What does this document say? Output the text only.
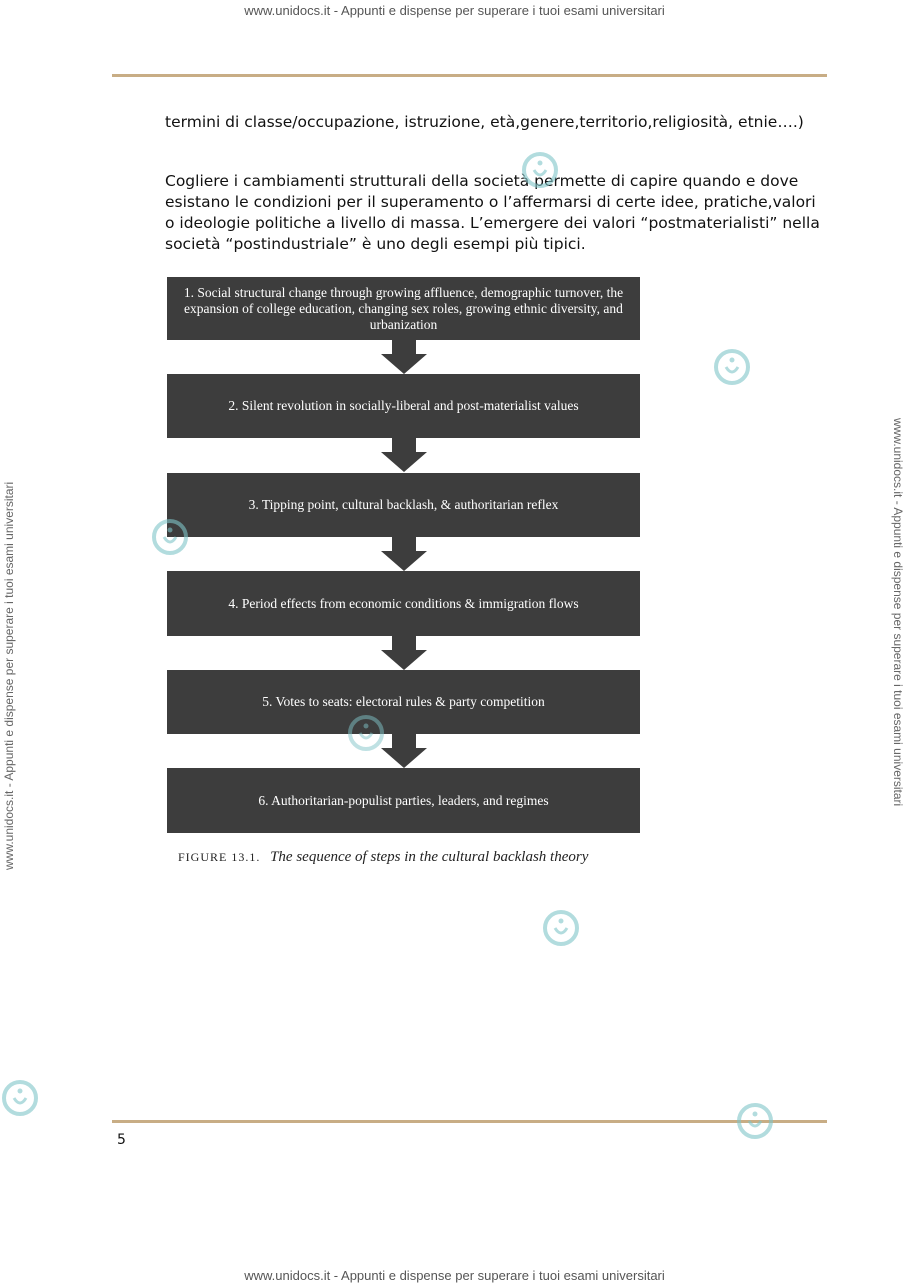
www.unidocs.it - Appunti e dispense per superare i tuoi esami universitari
www.unidocs.it - Appunti e dispense per superare i tuoi esami universitari
www.unidocs.it - Appunti e dispense per superare i tuoi esami universitari	www.unidocs.it - Appunti e dispense per superare i tuoi esami universitari

termini di classe/occupazione, istruzione, età,genere,territorio,religiosità, etnie….)

Cogliere i cambiamenti strutturali della società permette di capire quando e dove esistano le condizioni per il superamento o l’affermarsi di certe idee, pratiche,valori o ideologie politiche a livello di massa. L’emergere dei valori “postmaterialisti” nella società “postindustriale” è uno degli esempi più tipici.

1. Social structural change through growing affluence, demographic turnover, the expansion of college education, changing sex roles, growing ethnic diversity, and urbanization
2. Silent revolution in socially-liberal and post-materialist values
3. Tipping point, cultural backlash, & authoritarian reflex
4. Period effects from economic conditions & immigration flows
5. Votes to seats: electoral rules & party competition
6. Authoritarian-populist parties, leaders, and regimes
FIGURE 13.1. The sequence of steps in the cultural backlash theory
5
